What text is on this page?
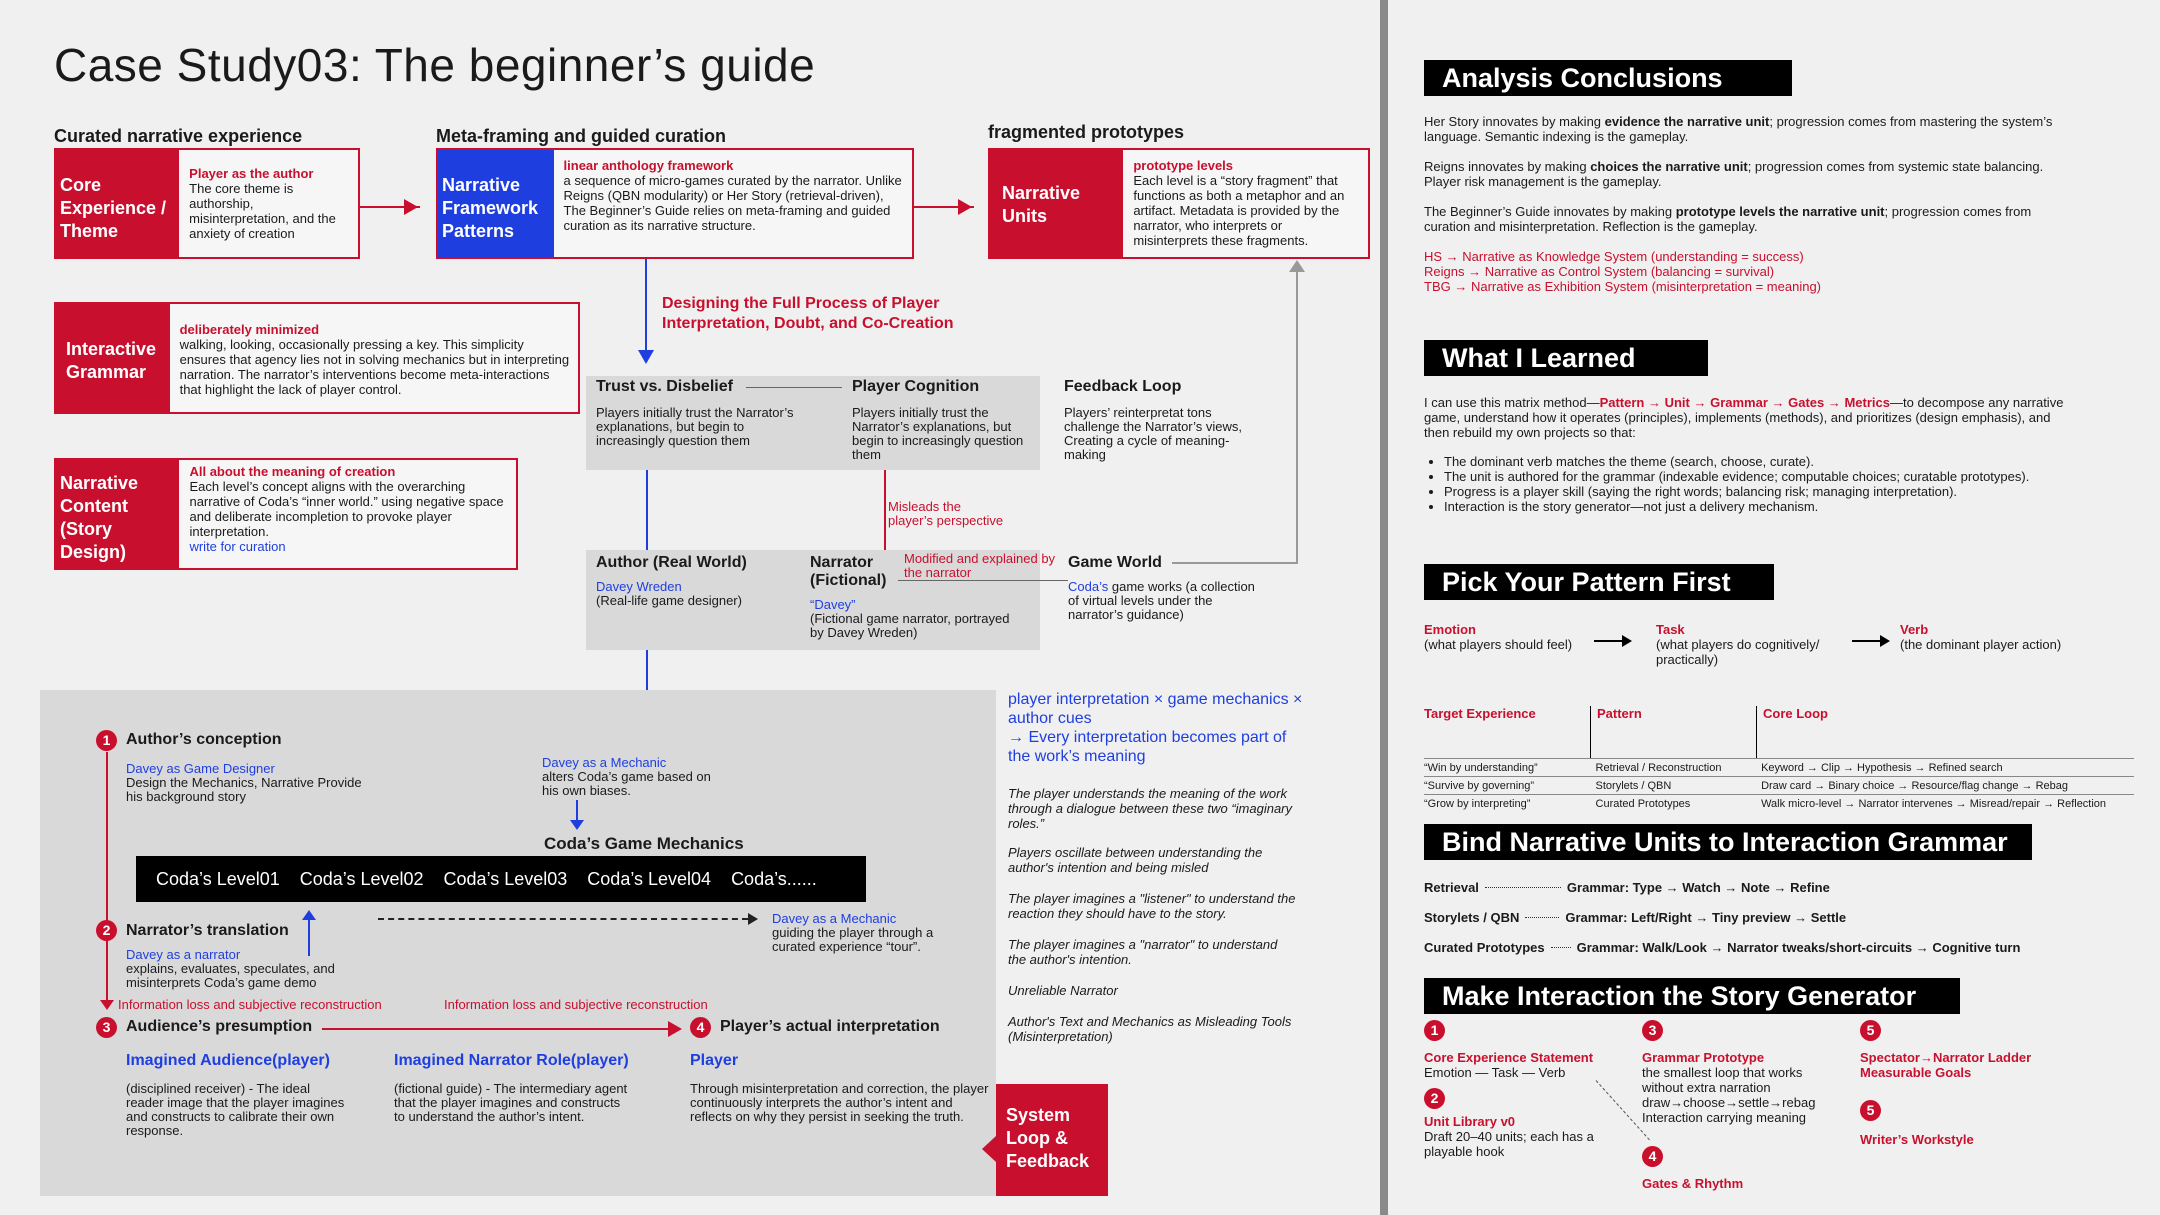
Case Study03: The beginner’s guide
Curated narrative experience	Meta-framing and guided curation	fragmented prototypes
Core Experience / Theme
Player as the author
The core theme is authorship, misinterpretation, and the anxiety of creation
Narrative Framework Patterns
linear anthology framework
a sequence of micro-games curated by the narrator. Unlike Reigns (QBN modularity) or Her Story (retrieval-driven), The Beginner’s Guide relies on meta-framing and guided curation as its narrative structure.
Narrative Units
prototype levels
Each level is a “story fragment” that functions as both a metaphor and an artifact. Metadata is provided by the narrator, who interprets or misinterprets these fragments.
Interactive Grammar
deliberately minimized
walking, looking, occasionally pressing a key. This simplicity ensures that agency lies not in solving mechanics but in interpreting narration. The narrator’s interventions become meta-interactions that highlight the lack of player control.
Narrative Content (Story Design)
All about the meaning of creation
Each level’s concept aligns with the overarching narrative of Coda’s “inner world.” using negative space and deliberate incompletion to provoke player interpretation.
write for curation
Designing the Full Process of Player Interpretation, Doubt, and Co-Creation
Trust vs. Disbelief
Players initially trust the Narrator’s explanations, but begin to increasingly question them
Player Cognition
Players initially trust the Narrator’s explanations, but begin to increasingly question them
Feedback Loop
Players’ reinterpretat tons challenge the Narrator’s views, Creating a cycle of meaning-making
Misleads the player’s perspective
Author (Real World)
Davey Wreden
(Real-life game designer)
Narrator (Fictional)
“Davey”
(Fictional game narrator, portrayed by Davey Wreden)
Modified and explained by the narrator
Game World
Coda’s game works (a collection of virtual levels under the narrator’s guidance)
1 Author’s conception
Davey as Game Designer
Design the Mechanics, Narrative Provide his background story
Davey as a Mechanic
alters Coda’s game based on his own biases.
Coda’s Game Mechanics
Coda’s Level01 Coda’s Level02 Coda’s Level03 Coda’s Level04 Coda’s......
2 Narrator’s translation
Davey as a narrator
explains, evaluates, speculates, and misinterprets Coda’s game demo
Davey as a Mechanic
guiding the player through a curated experience “tour”.
Information loss and subjective reconstruction	Information loss and subjective reconstruction
3 Audience’s presumption	4 Player’s actual interpretation
Imagined Audience(player)
(disciplined receiver) - The ideal reader image that the player imagines and constructs to calibrate their own response.
Imagined Narrator Role(player)
(fictional guide) - The intermediary agent that the player imagines and constructs to understand the author’s intent.
Player
Through misinterpretation and correction, the player continuously interprets the author’s intent and reflects on why they persist in seeking the truth.	System Loop & Feedback
player interpretation × game mechanics × author cues
→ Every interpretation becomes part of the work’s meaning

The player understands the meaning of the work through a dialogue between these two “imaginary roles.”

Players oscillate between understanding the author's intention and being misled

The player imagines a "listener" to understand the reaction they should have to the story.

The player imagines a "narrator" to understand the author's intention.

Unreliable Narrator

Author's Text and Mechanics as Misleading Tools (Misinterpretation)

Analysis Conclusions

Her Story innovates by making evidence the narrative unit; progression comes from mastering the system’s language. Semantic indexing is the gameplay.

Reigns innovates by making choices the narrative unit; progression comes from systemic state balancing. Player risk management is the gameplay.

The Beginner’s Guide innovates by making prototype levels the narrative unit; progression comes from curation and misinterpretation. Reflection is the gameplay.

HS → Narrative as Knowledge System (understanding = success)

Reigns → Narrative as Control System (balancing = survival)

TBG → Narrative as Exhibition System (misinterpretation = meaning)

What I Learned

I can use this matrix method—Pattern → Unit → Grammar → Gates → Metrics—to decompose any narrative game, understand how it operates (principles), implements (methods), and prioritizes (design emphasis), and then rebuild my own projects so that:

• The dominant verb matches the theme (search, choose, curate).
• The unit is authored for the grammar (indexable evidence; computable choices; curatable prototypes).
• Progress is a player skill (saying the right words; balancing risk; managing interpretation).
• Interaction is the story generator—not just a delivery mechanism.
Pick Your Pattern First
Emotion
(what players should feel)
Task
(what players do cognitively/ practically)
Verb
(the dominant player action)
Target Experience	Pattern	Core Loop
“Win by understanding”	Retrieval / Reconstruction	Keyword → Clip → Hypothesis → Refined search
“Survive by governing”	Storylets / QBN	Draw card → Binary choice → Resource/flag change → Rebag
“Grow by interpreting”	Curated Prototypes	Walk micro-level → Narrator intervenes → Misread/repair → Reflection
Bind Narrative Units to Interaction Grammar
Retrieval	Grammar: Type → Watch → Note → Refine
Storylets / QBN	Grammar: Left/Right → Tiny preview → Settle
Curated Prototypes Grammar: Walk/Look → Narrator tweaks/short-circuits → Cognitive turn
Make Interaction the Story Generator
1
Core Experience Statement
Emotion — Task — Verb
2
Unit Library v0
Draft 20–40 units; each has a playable hook
3
Grammar Prototype
the smallest loop that works without extra narration draw→choose→settle→rebag Interaction carrying meaning
4
Gates & Rhythm
5
Spectator→Narrator Ladder
Measurable Goals
5
Writer’s Workstyle
